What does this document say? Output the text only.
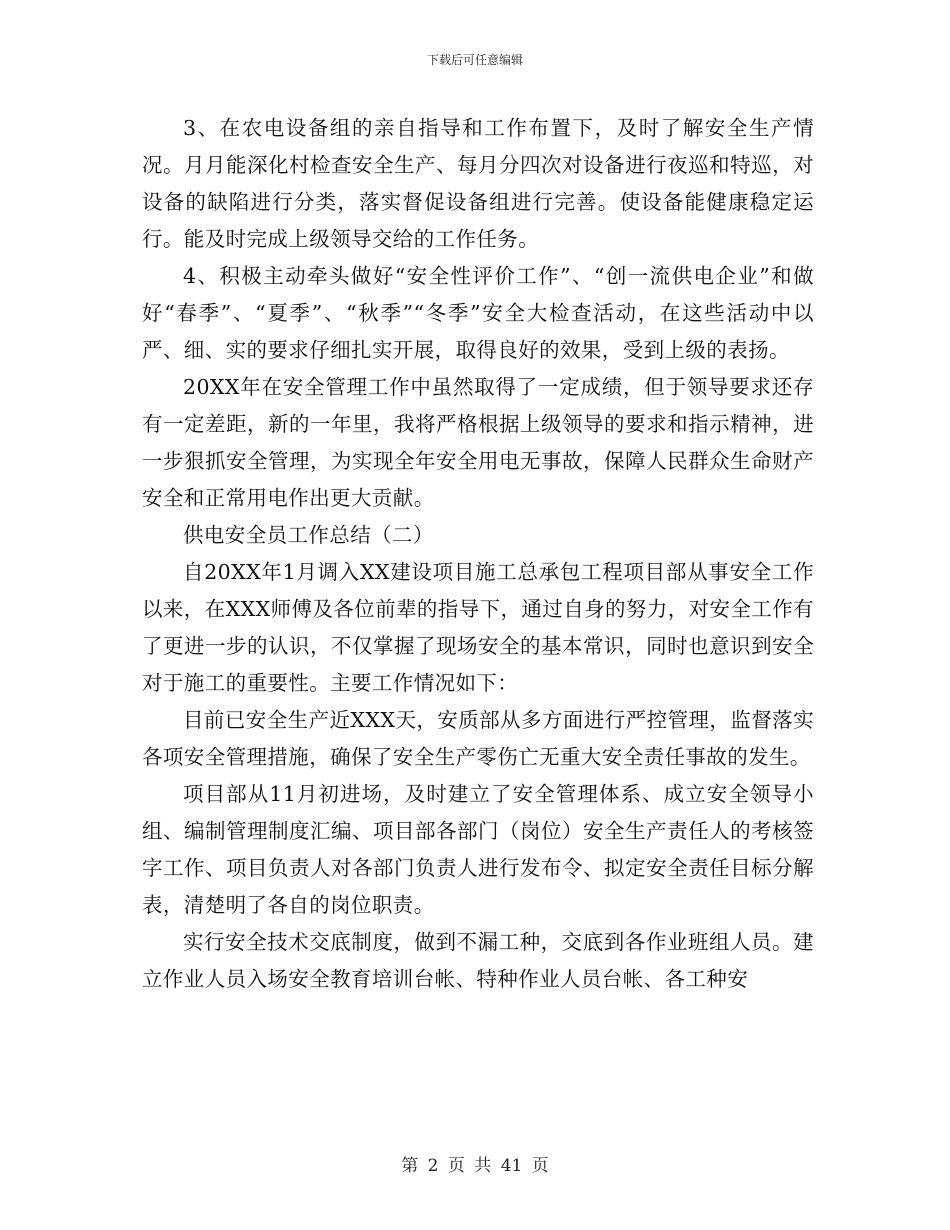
下载后可任意编辑

3、在农电设备组的亲自指导和工作布置下，及时了解安全生产情况。月月能深化村检查安全生产、每月分四次对设备进行夜巡和特巡，对设备的缺陷进行分类，落实督促设备组进行完善。使设备能健康稳定运行。能及时完成上级领导交给的工作任务。

4、积极主动牵头做好“安全性评价工作”、“创一流供电企业”和做好“春季”、“夏季”、“秋季”“冬季”安全大检查活动，在这些活动中以严、细、实的要求仔细扎实开展，取得良好的效果，受到上级的表扬。

20XX年在安全管理工作中虽然取得了一定成绩，但于领导要求还存有一定差距，新的一年里，我将严格根据上级领导的要求和指示精神，进一步狠抓安全管理，为实现全年安全用电无事故，保障人民群众生命财产安全和正常用电作出更大贡献。

供电安全员工作总结（二）

自20XX年1月调入XX建设项目施工总承包工程项目部从事安全工作以来，在XXX师傅及各位前辈的指导下，通过自身的努力，对安全工作有了更进一步的认识，不仅掌握了现场安全的基本常识，同时也意识到安全对于施工的重要性。主要工作情况如下：

目前已安全生产近XXX天，安质部从多方面进行严控管理，监督落实各项安全管理措施，确保了安全生产零伤亡无重大安全责任事故的发生。

项目部从11月初进场，及时建立了安全管理体系、成立安全领导小组、编制管理制度汇编、项目部各部门（岗位）安全生产责任人的考核签字工作、项目负责人对各部门负责人进行发布令、拟定安全责任目标分解表，清楚明了各自的岗位职责。

实行安全技术交底制度，做到不漏工种，交底到各作业班组人员。建立作业人员入场安全教育培训台帐、特种作业人员台帐、各工种安

第 2 页 共 41 页
